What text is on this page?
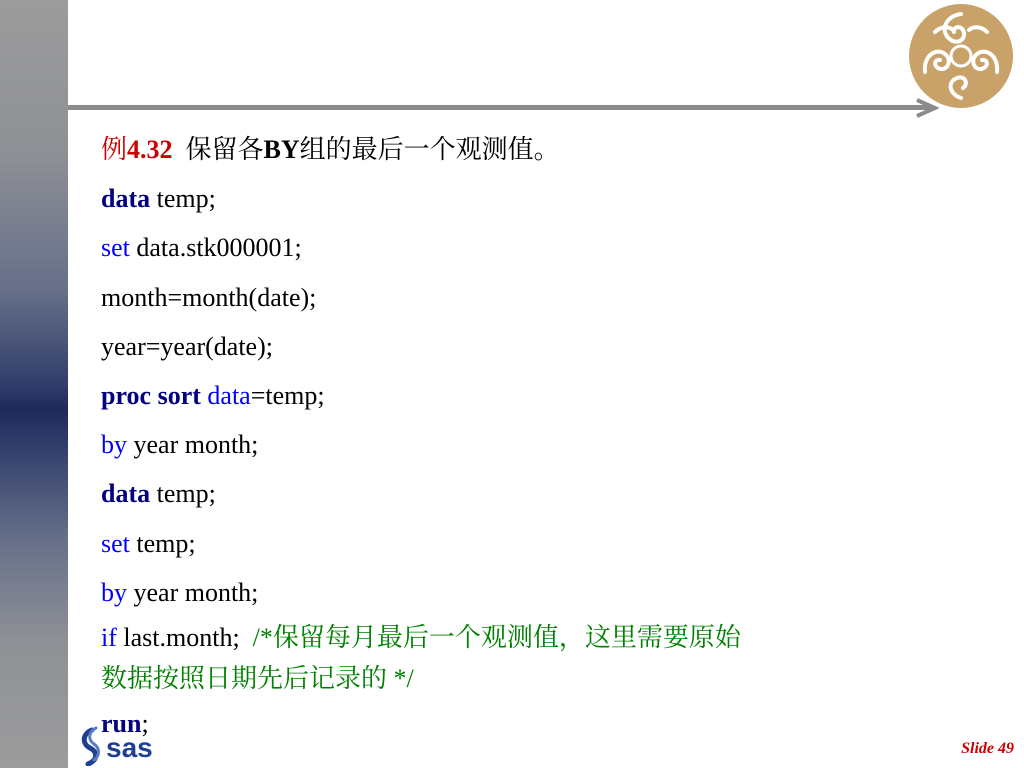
例4.32 保留各BY组的最后一个观测值。
data temp;
set data.stk000001;
month=month(date);
year=year(date);
proc sort data=temp;
by year month;
data temp;
set temp;
by year month;
if last.month; /*保留每月最后一个观测值，这里需要原始
数据按照日期先后记录的 */
run;
sas	Slide 49
